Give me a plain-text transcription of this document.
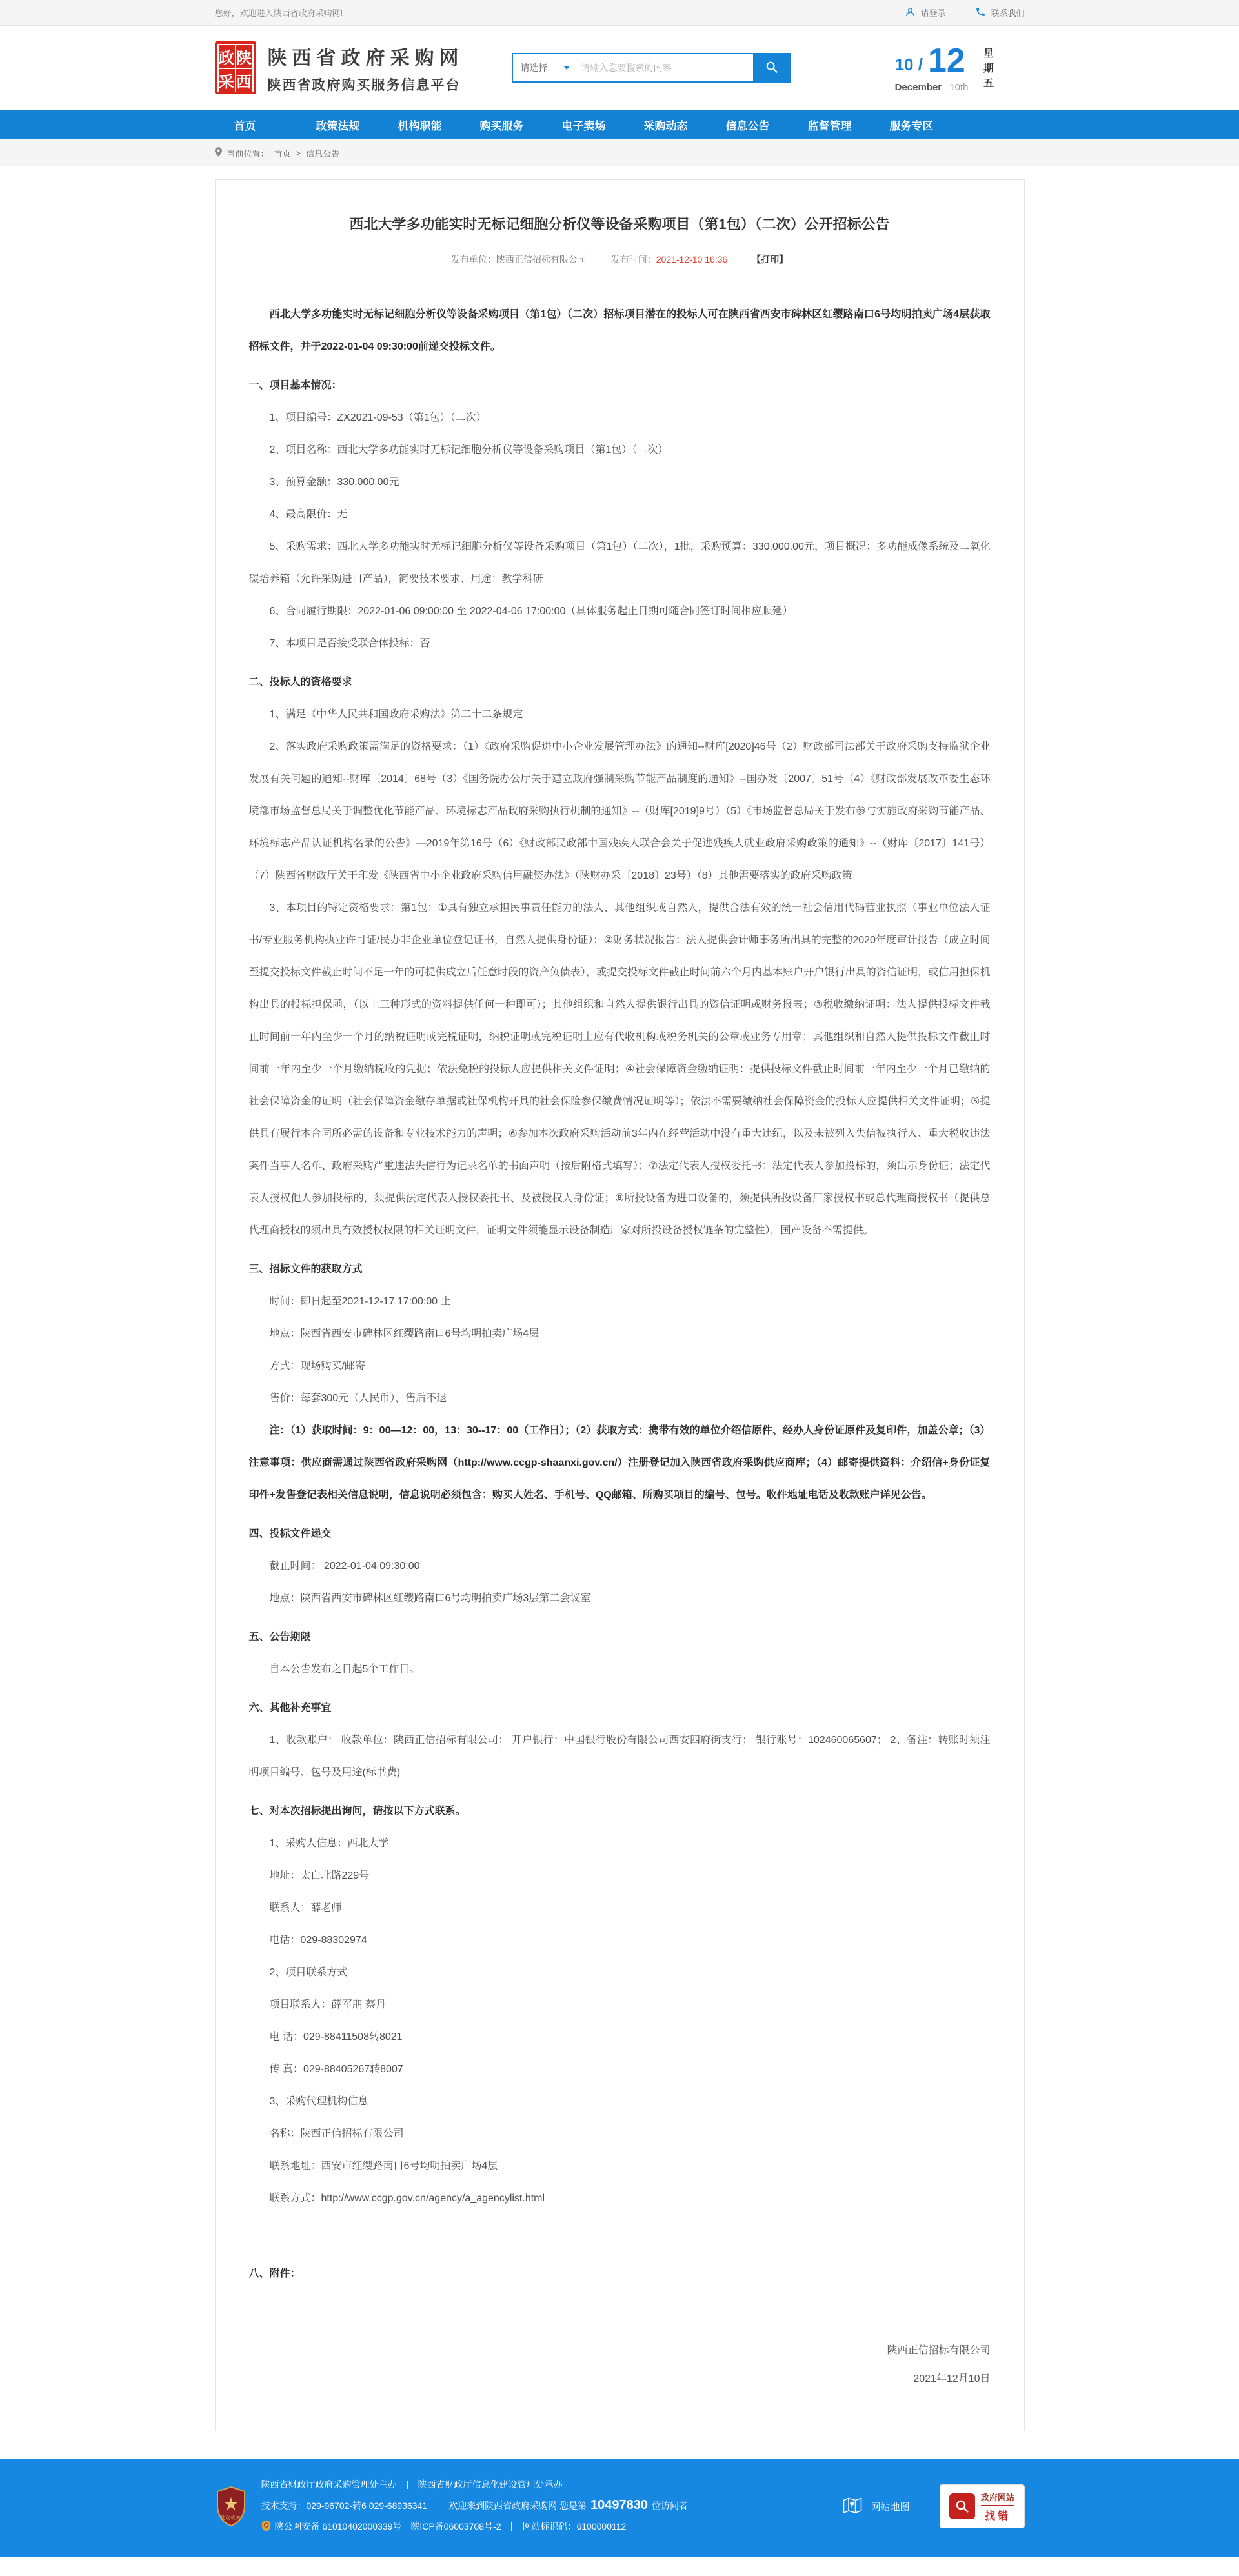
您好，欢迎进入陕西省政府采购网!	请登录	联系我们
政 陕
采 西
陕西省政府采购网
陕西省政府购买服务信息平台
请选择
请输入您要搜索的内容	10 / 12
December 10th 星期五
首页	政策法规	机构职能	购买服务	电子卖场	采购动态	信息公告	监督管理	服务专区
当前位置： 首页 > 信息公告
西北大学多功能实时无标记细胞分析仪等设备采购项目（第1包）（二次）公开招标公告
发布单位：陕西正信招标有限公司	发布时间：2021-12-10 16:36	【打印】

西北大学多功能实时无标记细胞分析仪等设备采购项目（第1包）（二次）招标项目潜在的投标人可在陕西省西安市碑林区红缨路南口6号均明拍卖广场4层获取招标文件，并于2022-01-04 09:30:00前递交投标文件。

一、项目基本情况：

1、项目编号：ZX2021-09-53（第1包）（二次）

2、项目名称：西北大学多功能实时无标记细胞分析仪等设备采购项目（第1包）（二次）

3、预算金额：330,000.00元

4、最高限价：无

5、采购需求：西北大学多功能实时无标记细胞分析仪等设备采购项目（第1包）（二次），1批，采购预算：330,000.00元，项目概况：多功能成像系统及二氧化碳培养箱（允许采购进口产品），简要技术要求、用途：教学科研

6、合同履行期限：2022-01-06 09:00:00 至 2022-04-06 17:00:00（具体服务起止日期可随合同签订时间相应顺延）

7、本项目是否接受联合体投标：否

二、投标人的资格要求

1、满足《中华人民共和国政府采购法》第二十二条规定

2、落实政府采购政策需满足的资格要求：（1）《政府采购促进中小企业发展管理办法》的通知--财库[2020]46号（2）财政部司法部关于政府采购支持监狱企业发展有关问题的通知--财库〔2014〕68号（3）《国务院办公厅关于建立政府强制采购节能产品制度的通知》--国办发〔2007〕51号（4）《财政部发展改革委生态环境部市场监督总局关于调整优化节能产品、环境标志产品政府采购执行机制的通知》--（财库[2019]9号）（5）《市场监督总局关于发布参与实施政府采购节能产品、环境标志产品认证机构名录的公告》—2019年第16号（6）《财政部民政部中国残疾人联合会关于促进残疾人就业政府采购政策的通知》--（财库〔2017〕141号）（7）陕西省财政厅关于印发《陕西省中小企业政府采购信用融资办法》（陕财办采〔2018〕23号）（8）其他需要落实的政府采购政策

3、本项目的特定资格要求：第1包：①具有独立承担民事责任能力的法人、其他组织或自然人，提供合法有效的统一社会信用代码营业执照（事业单位法人证书/专业服务机构执业许可证/民办非企业单位登记证书，自然人提供身份证）；②财务状况报告：法人提供会计师事务所出具的完整的2020年度审计报告（成立时间至提交投标文件截止时间不足一年的可提供成立后任意时段的资产负债表），或提交投标文件截止时间前六个月内基本账户开户银行出具的资信证明，或信用担保机构出具的投标担保函，（以上三种形式的资料提供任何一种即可）；其他组织和自然人提供银行出具的资信证明或财务报表；③税收缴纳证明：法人提供投标文件截止时间前一年内至少一个月的纳税证明或完税证明，纳税证明或完税证明上应有代收机构或税务机关的公章或业务专用章；其他组织和自然人提供投标文件截止时间前一年内至少一个月缴纳税收的凭据；依法免税的投标人应提供相关文件证明；④社会保障资金缴纳证明：提供投标文件截止时间前一年内至少一个月已缴纳的社会保障资金的证明（社会保障资金缴存单据或社保机构开具的社会保险参保缴费情况证明等）；依法不需要缴纳社会保障资金的投标人应提供相关文件证明；⑤提供具有履行本合同所必需的设备和专业技术能力的声明；⑥参加本次政府采购活动前3年内在经营活动中没有重大违纪，以及未被列入失信被执行人、重大税收违法案件当事人名单、政府采购严重违法失信行为记录名单的书面声明（按后附格式填写）；⑦法定代表人授权委托书：法定代表人参加投标的，须出示身份证；法定代表人授权他人参加投标的，须提供法定代表人授权委托书、及被授权人身份证；⑧所投设备为进口设备的，须提供所投设备厂家授权书或总代理商授权书（提供总代理商授权的须出具有效授权权限的相关证明文件，证明文件须能显示设备制造厂家对所投设备授权链条的完整性），国产设备不需提供。

三、招标文件的获取方式

时间：即日起至2021-12-17 17:00:00 止

地点：陕西省西安市碑林区红缨路南口6号均明拍卖广场4层

方式：现场购买/邮寄

售价：每套300元（人民币），售后不退

注：（1）获取时间：9：00—12：00，13：30--17：00（工作日）；（2）获取方式：携带有效的单位介绍信原件、经办人身份证原件及复印件，加盖公章；（3）注意事项：供应商需通过陕西省政府采购网（http://www.ccgp-shaanxi.gov.cn/）注册登记加入陕西省政府采购供应商库；（4）邮寄提供资料：介绍信+身份证复印件+发售登记表相关信息说明，信息说明必须包含：购买人姓名、手机号、QQ邮箱、所购买项目的编号、包号。收件地址电话及收款账户详见公告。

四、投标文件递交

截止时间： 2022-01-04 09:30:00

地点：陕西省西安市碑林区红缨路南口6号均明拍卖广场3层第二会议室

五、公告期限

自本公告发布之日起5个工作日。

六、其他补充事宜

1、收款账户： 收款单位：陕西正信招标有限公司； 开户银行：中国银行股份有限公司西安四府街支行； 银行账号：102460065607； 2、备注：转账时须注明项目编号、包号及用途(标书费)

七、对本次招标提出询问，请按以下方式联系。

1、采购人信息：西北大学

地址：太白北路229号

联系人：薛老师

电话：029-88302974

2、项目联系方式

项目联系人：薛军朋 蔡丹

电 话：029-88411508转8021

传 真：029-88405267转8007

3、采购代理机构信息

名称：陕西正信招标有限公司

联系地址：西安市红缨路南口6号均明拍卖广场4层

联系方式：http://www.ccgp.gov.cn/agency/a_agencylist.html

八、附件：

陕西正信招标有限公司
2021年12月10日
党政机关
陕西省财政厅政府采购管理处主办 陕西省财政厅信息化建设管理处承办
技术支持：029-96702-转6 029-68936341 欢迎来到陕西省政府采购网 您是第 10497830 位访问者
陕公网安备 61010402000339号 陕ICP备06003708号-2 网站标识码：6100000112
网站地图
政府网站
找错
